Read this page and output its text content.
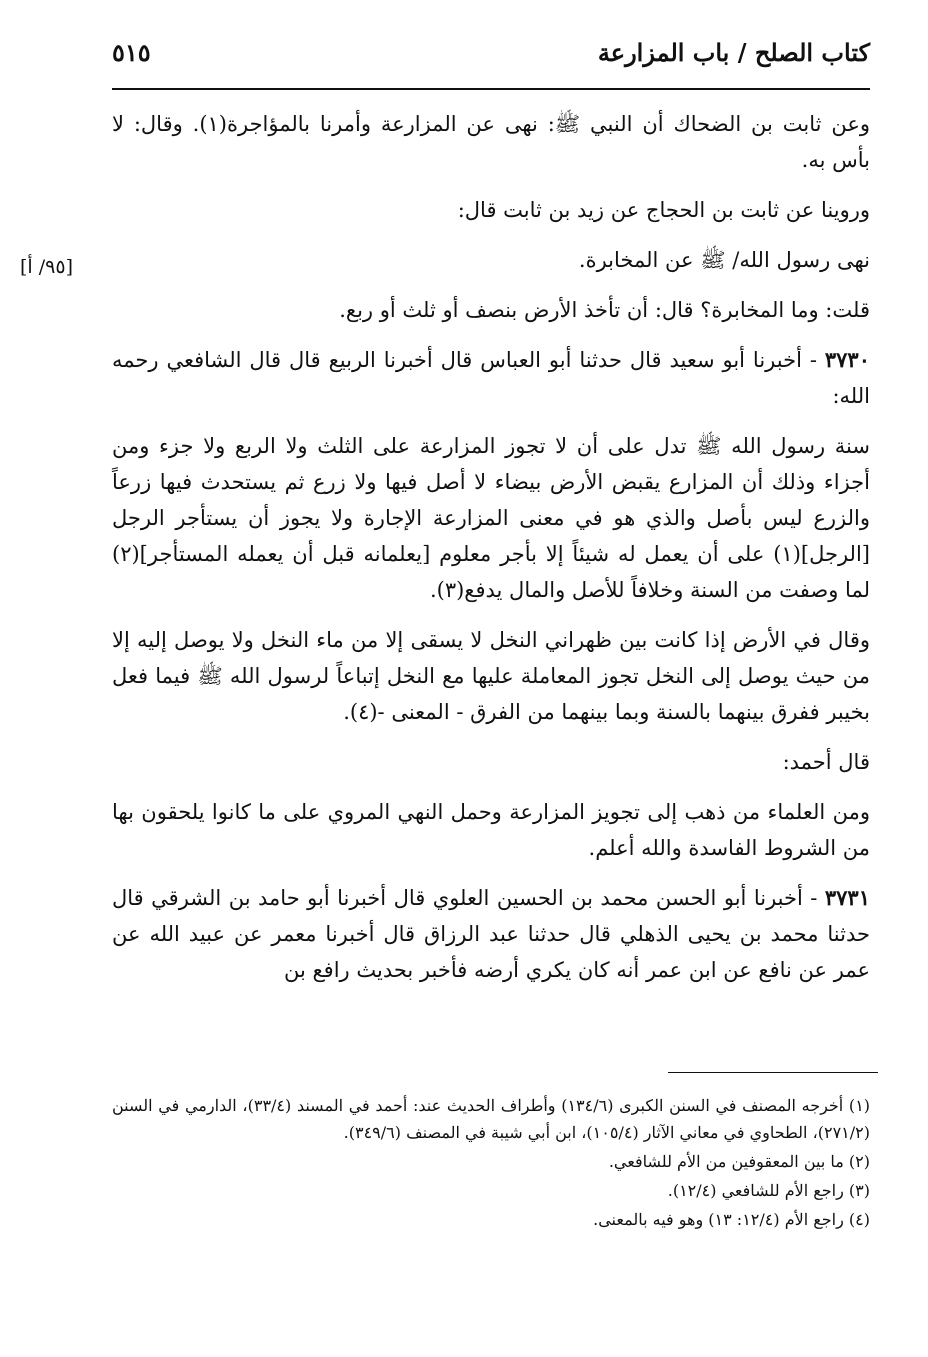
كتاب الصلح / باب المزارعة
٥١٥
[٩٥/ أ]

وعن ثابت بن الضحاك أن النبي ﷺ: نهى عن المزارعة وأمرنا بالمؤاجرة(١). وقال: لا بأس به.

وروينا عن ثابت بن الحجاج عن زيد بن ثابت قال:

نهى رسول الله/ ﷺ عن المخابرة.

قلت: وما المخابرة؟ قال: أن تأخذ الأرض بنصف أو ثلث أو ربع.

٣٧٣٠ - أخبرنا أبو سعيد قال حدثنا أبو العباس قال أخبرنا الربيع قال قال الشافعي رحمه الله:

سنة رسول الله ﷺ تدل على أن لا تجوز المزارعة على الثلث ولا الربع ولا جزء ومن أجزاء وذلك أن المزارع يقبض الأرض بيضاء لا أصل فيها ولا زرع ثم يستحدث فيها زرعاً والزرع ليس بأصل والذي هو في معنى المزارعة الإجارة ولا يجوز أن يستأجر الرجل [الرجل](١) على أن يعمل له شيئاً إلا بأجر معلوم [يعلمانه قبل أن يعمله المستأجر](٢) لما وصفت من السنة وخلافاً للأصل والمال يدفع(٣).

وقال في الأرض إذا كانت بين ظهراني النخل لا يسقى إلا من ماء النخل ولا يوصل إليه إلا من حيث يوصل إلى النخل تجوز المعاملة عليها مع النخل إتباعاً لرسول الله ﷺ فيما فعل بخيبر ففرق بينهما بالسنة وبما بينهما من الفرق - المعنى -(٤).

قال أحمد:

ومن العلماء من ذهب إلى تجويز المزارعة وحمل النهي المروي على ما كانوا يلحقون بها من الشروط الفاسدة والله أعلم.

٣٧٣١ - أخبرنا أبو الحسن محمد بن الحسين العلوي قال أخبرنا أبو حامد بن الشرقي قال حدثنا محمد بن يحيى الذهلي قال حدثنا عبد الرزاق قال أخبرنا معمر عن عبيد الله عن عمر عن نافع عن ابن عمر أنه كان يكري أرضه فأخبر بحديث رافع بن

(١) أخرجه المصنف في السنن الكبرى (١٣٤/٦) وأطراف الحديث عند: أحمد في المسند (٣٣/٤)، الدارمي في السنن (٢٧١/٢)، الطحاوي في معاني الآثار (١٠٥/٤)، ابن أبي شيبة في المصنف (٣٤٩/٦).
(٢) ما بين المعقوفين من الأم للشافعي.
(٣) راجع الأم للشافعي (١٢/٤).
(٤) راجع الأم (١٢/٤: ١٣) وهو فيه بالمعنى.
